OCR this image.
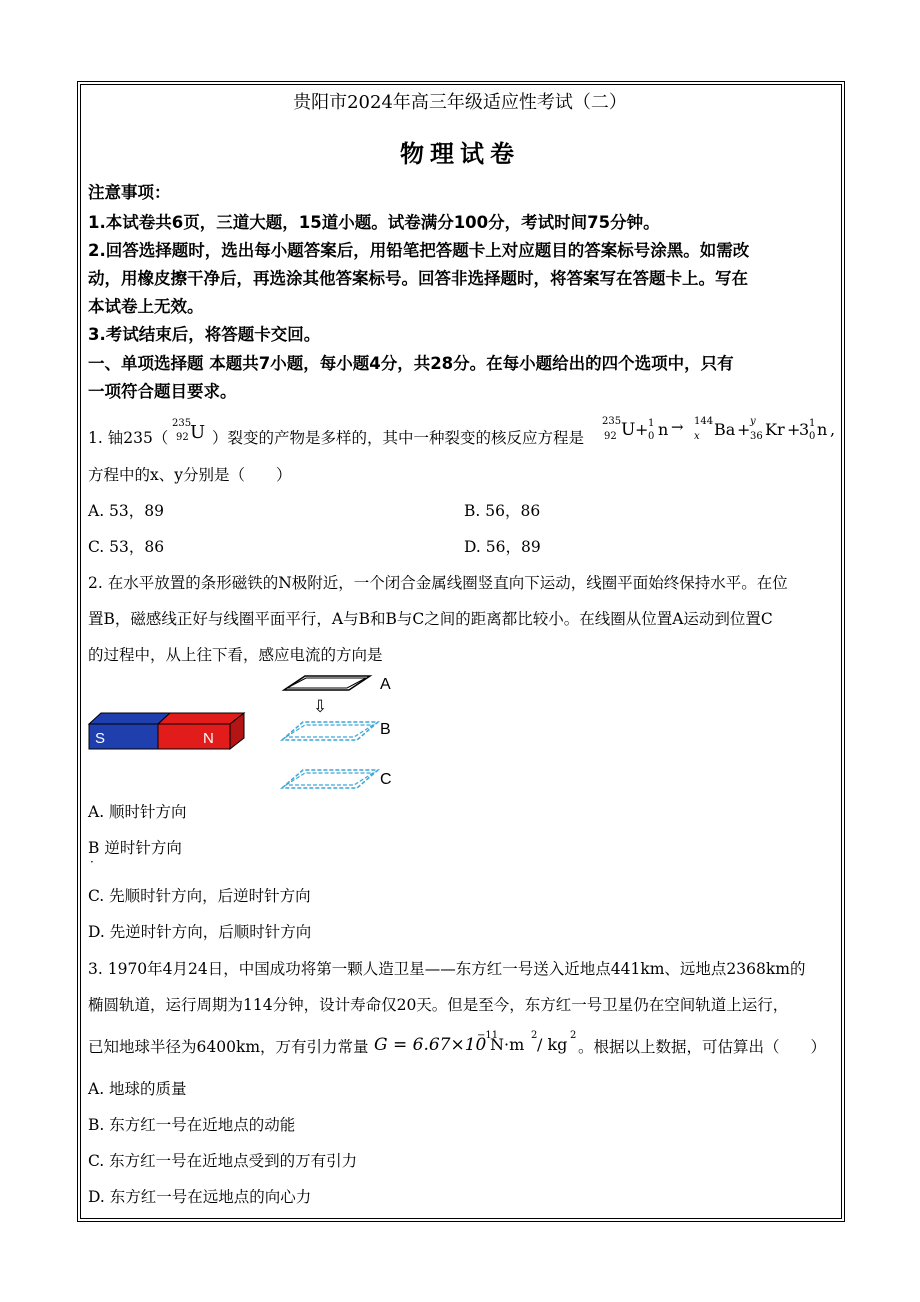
贵阳市2024年高三年级适应性考试（二）
物理试卷
注意事项：
1.本试卷共6页，三道大题，15道小题。试卷满分100分，考试时间75分钟。
2.回答选择题时，选出每小题答案后，用铅笔把答题卡上对应题目的答案标号涂黑。如需改
动，用橡皮擦干净后，再选涂其他答案标号。回答非选择题时，将答案写在答题卡上。写在
本试卷上无效。
3.考试结束后，将答题卡交回。
一、单项选择题 本题共7小题，每小题4分，共28分。在每小题给出的四个选项中，只有
一项符合题目要求。
1. 铀235（
235
92 U ）裂变的产物是多样的，其中一种裂变的核反应方程是
235
92 U + 1
0 n → 144
x Ba + y
36 Kr +
3 1
0 n ,
方程中的x、y分别是（　　）
A. 53，89	B. 56，86
C. 53，86	D. 56，89
2. 在水平放置的条形磁铁的N极附近，一个闭合金属线圈竖直向下运动，线圈平面始终保持水平。在位
置B，磁感线正好与线圈平面平行，A与B和B与C之间的距离都比较小。在线圈从位置A运动到位置C
的过程中，从上往下看，感应电流的方向是
S	N
⇩
A
B
C
A. 顺时针方向
B 逆时针方向
·
C. 先顺时针方向，后逆时针方向
D. 先逆时针方向，后顺时针方向
3. 1970年4月24日，中国成功将第一颗人造卫星——东方红一号送入近地点441km、远地点2368km的
椭圆轨道，运行周期为114分钟，设计寿命仅20天。但是至今，东方红一号卫星仍在空间轨道上运行，
已知地球半径为6400km，万有引力常量 G = 6.67×10
−11
N·m 2 / kg 2
。根据以上数据，可估算出（　　）
A. 地球的质量
B. 东方红一号在近地点的动能
C. 东方红一号在近地点受到的万有引力
D. 东方红一号在远地点的向心力
